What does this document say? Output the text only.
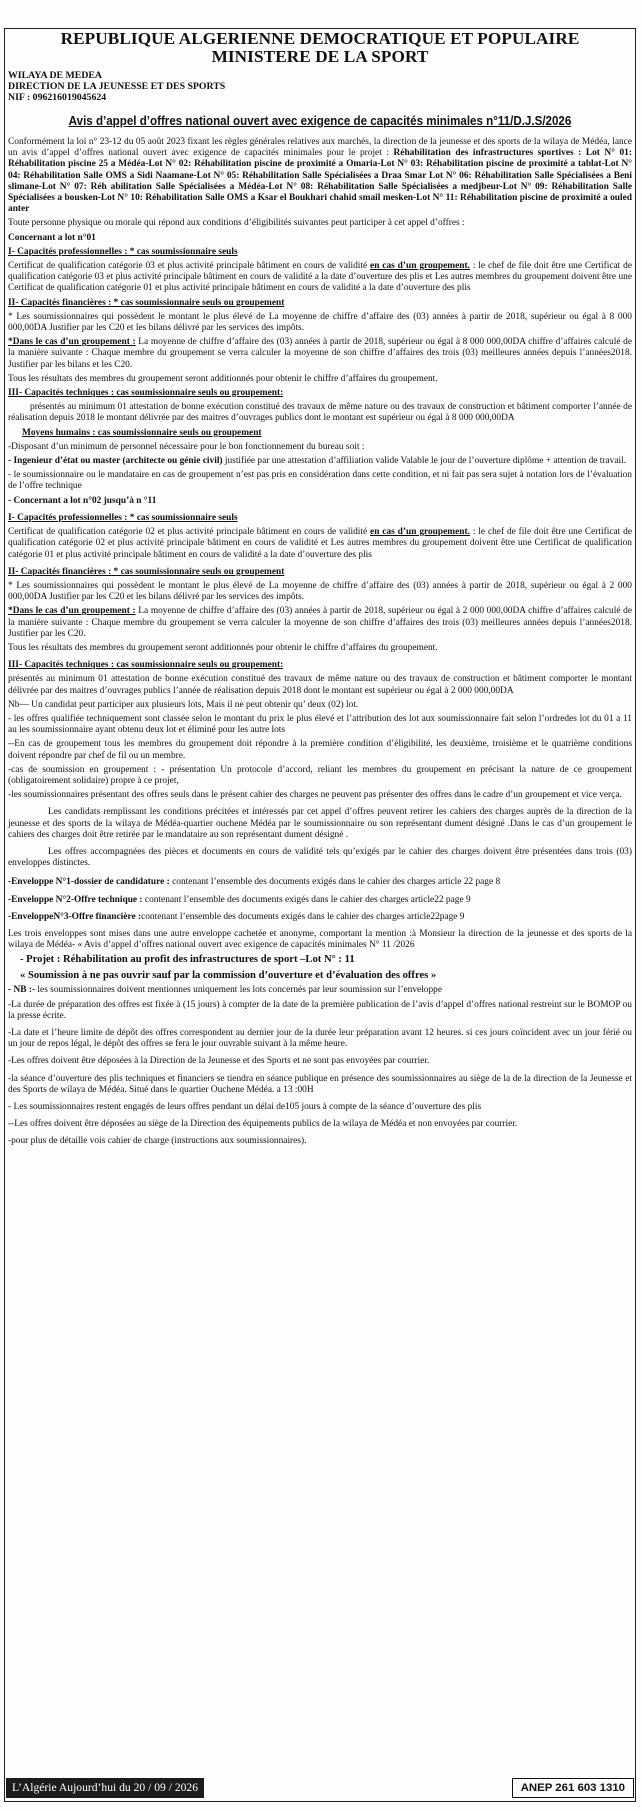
REPUBLIQUE ALGERIENNE DEMOCRATIQUE ET POPULAIRE

MINISTERE DE LA SPORT

WILAYA DE MEDEA
DIRECTION DE LA JEUNESSE ET DES SPORTS
NIF : 096216019045624
Avis d’appel d’offres national ouvert avec exigence de capacités minimales n°11/D.J.S/2026

Conformément la loi n° 23-12 du 05 août 2023 fixant les règles générales relatives aux marchés, la direction de la jeunesse et des sports de la wilaya de Médéa, lance un avis d’appel d’offres national ouvert avec exigence de capacités minimales pour le projet : Réhabilitation des infrastructures sportives : Lot N° 01: Réhabilitation piscine 25 a Médéa-Lot N° 02: Réhabilitation piscine de proximité a Omaria-Lot N° 03: Réhabilitation piscine de proximité a tablat-Lot N° 04: Réhabilitation Salle OMS a Sidi Naamane-Lot N° 05: Réhabilitation Salle Spécialisées a Draa Smar Lot N° 06: Réhabilitation Salle Spécialisées a Beni slimane-Lot N° 07: Réh abilitation Salle Spécialisées a Médéa-Lot N° 08: Réhabilitation Salle Spécialisées a medjbeur-Lot N° 09: Réhabilitation Salle Spécialisées a bousken-Lot N° 10: Réhabilitation Salle OMS a Ksar el Boukhari chahid smail mesken-Lot N° 11: Réhabilitation piscine de proximité a ouled anter

Toute personne physique ou morale qui répond aux conditions d’éligibilités suivantes peut participer à cet appel d’offres :

Concernant a lot n°01

I- Capacités professionnelles : * cas soumissionnaire seuls

Certificat de qualification catégorie 03 et plus activité principale bâtiment en cours de validité en cas d’un groupement. : le chef de file doit être une Certificat de qualification catégorie 03 et plus activité principale bâtiment en cours de validité a la date d’ouverture des plis et Les autres membres du groupement doivent être une Certificat de qualification catégorie 01 et plus activité principale bâtiment en cours de validité a la date d’ouverture des plis

II- Capacités financières : * cas soumissionnaire seuls ou groupement

* Les soumissionnaires qui possèdent le montant le plus élevé de La moyenne de chiffre d’affaire des (03) années à partir de 2018, supérieur ou égal à 8 000 000,00DA Justifier par les C20 et les bilans délivré par les services des impôts.

*Dans le cas d’un groupement : La moyenne de chiffre d’affaire des (03) années à partir de 2018, supérieur ou égal à 8 000 000,00DA chiffre d’affaires calculé de la manière suivante : Chaque membre du groupement se verra calculer la moyenne de son chiffre d’affaires des trois (03) meilleures années depuis l’années2018. Justifier par les bilans et les C20.

Tous les résultats des membres du groupement seront additionnés pour obtenir le chiffre d’affaires du groupement.

III- Capacités techniques : cas soumissionnaire seuls ou groupement:

présentés au minimum 01 attestation de bonne exécution constitué des travaux de même nature ou des travaux de construction et bâtiment comporter l’année de réalisation depuis 2018 le montant délivrée par des maitres d’ouvrages publics dont le montant est supérieur ou égal à 8 000 000,00DA

Moyens humains : cas soumissionnaire seuls ou groupement

-Disposant d’un minimum de personnel nécessaire pour le bon fonctionnement du bureau soit :

- Ingenieur d’état ou master (architecte ou génie civil) justifiée par une attestation d’affiliation valide Valable le jour de l’ouverture diplôme + attention de travail.

- le soumissionnaire ou le mandataire en cas de groupement n’est pas pris en considération dans cette condition, et ni fait pas sera sujet à notation lors de l’évaluation de l’offre technique

- Concernant a lot n°02 jusqu’à n °11

I- Capacités professionnelles : * cas soumissionnaire seuls

Certificat de qualification catégorie 02 et plus activité principale bâtiment en cours de validité en cas d’un groupement. : le chef de file doit être une Certificat de qualification catégorie 02 et plus activité principale bâtiment en cours de validité et Les autres membres du groupement doivent être une Certificat de qualification catégorie 01 et plus activité principale bâtiment en cours de validité a la date d’ouverture des plis

II- Capacités financières : * cas soumissionnaire seuls ou groupement

* Les soumissionnaires qui possèdent le montant le plus élevé de La moyenne de chiffre d’affaire des (03) années à partir de 2018, supérieur ou égal à 2 000 000,00DA Justifier par les C20 et les bilans délivré par les services des impôts.

*Dans le cas d’un groupement : La moyenne de chiffre d’affaire des (03) années à partir de 2018, supérieur ou égal à 2 000 000,00DA chiffre d’affaires calculé de la manière suivante : Chaque membre du groupement se verra calculer la moyenne de son chiffre d’affaires des trois (03) meilleures années depuis l’années2018. Justifier par les C20.

Tous les résultats des membres du groupement seront additionnés pour obtenir le chiffre d’affaires du groupement.

III- Capacités techniques : cas soumissionnaire seuls ou groupement:

présentés au minimum 01 attestation de bonne exécution constitué des travaux de même nature ou des travaux de construction et bâtiment comporter le montant délivrée par des maitres d’ouvrages publics l’année de réalisation depuis 2018 dont le montant est supérieur ou égal à 2 000 000,00DA

Nb— Un candidat peut participer aux plusieurs lots, Mais il ne peut obtenir qu’ deux (02) lot.

- les offres qualifiée techniquement sont classée selon le montant du prix le plus élevé et l’attribution des lot aux soumissionnaire fait selon l’ordredes lot du 01 a 11 au les soumissionnaire ayant obtenu deux lot et éliminé pour les autre lots

--En cas de groupement tous les membres du groupement doit répondre à la première condition d’éligibilité, les deuxième, troisième et le quatrième conditions doivent répondre par chef de fil ou un membre.

-cas de soumission en groupement : - présentation Un protocole d’accord, reliant les membres du groupement en précisant la nature de ce groupement (obligatoirement solidaire) propre à ce projet,

-les soumissionnaires présentant des offres seuls dans le présent cahier des charges ne peuvent pas présenter des offres dans le cadre d’un groupement et vice verça.

Les candidats remplissant les conditions précitées et intéressés par cet appel d’offres peuvent retirer les cahiers des charges auprès de la direction de la jeunesse et des sports de la wilaya de Médéa-quartier ouchene Médéa par le soumissionnaire ou son représentant dument désigné .Dans le cas d’un groupement le cahiers des charges doit être retirée par le mandataire au son représentant dument désigné .

Les offres accompagnées des pièces et documents en cours de validité tels qu’exigés par le cahier des charges doivent être présentées dans trois (03) enveloppes distinctes.

-Enveloppe N°1-dossier de candidature : contenant l’ensemble des documents exigés dans le cahier des charges article 22 page 8

-Enveloppe N°2-Offre technique : contenant l’ensemble des documents exigés dans le cahier des charges article22 page 9

-EnveloppeN°3-Offre financière :contenant l’ensemble des documents exigés dans le cahier des charges article22page 9

Les trois enveloppes sont mises dans une autre enveloppe cachetée et anonyme, comportant la mention :à Monsieur la direction de la jeunesse et des sports de la wilaya de Médéa- « Avis d’appel d’offres national ouvert avec exigence de capacités minimales N° 11 /2026

- Projet : Réhabilitation au profit des infrastructures de sport –Lot N° : 11

« Soumission à ne pas ouvrir sauf par la commission d’ouverture et d’évaluation des offres »

- NB :- les soumissionnaires doivent mentionnes uniquement les lots concernés par leur soumission sur l’enveloppe

-La durée de préparation des offres est fixée à (15 jours) à compter de la date de la première publication de l’avis d’appel d’offres national restreint sur le BOMOP ou la presse écrite.

-La date et l’heure limite de dépôt des offres correspondent au dernier jour de la durée leur préparation avant 12 heures. si ces jours coïncident avec un jour férié ou un jour de repos légal, le dépôt des offres se fera le jour ouvrable suivant à la même heure.

-Les offres doivent être déposées à la Direction de la Jeunesse et des Sports et ne sont pas envoyées par courrier.

-la séance d’ouverture des plis techniques et financiers se tiendra en séance publique en présence des soumissionnaires au siège de la de la direction de la Jeunesse et des Sports de wilaya de Médéa. Situé dans le quartier Ouchene Médéa. a 13 :00H

- Les soumissionnaires restent engagés de leurs offres pendant un délai de105 jours à compte de la séance d’ouverture des plis

--Les offres doivent être déposées au siège de la Direction des équipements publics de la wilaya de Médéa et non envoyées par courrier.

-pour plus de détaille vois cahier de charge (instructions aux soumissionnaires).

L’Algérie Aujourd’hui du 20 / 09 / 2026	ANEP 261 603 1310
